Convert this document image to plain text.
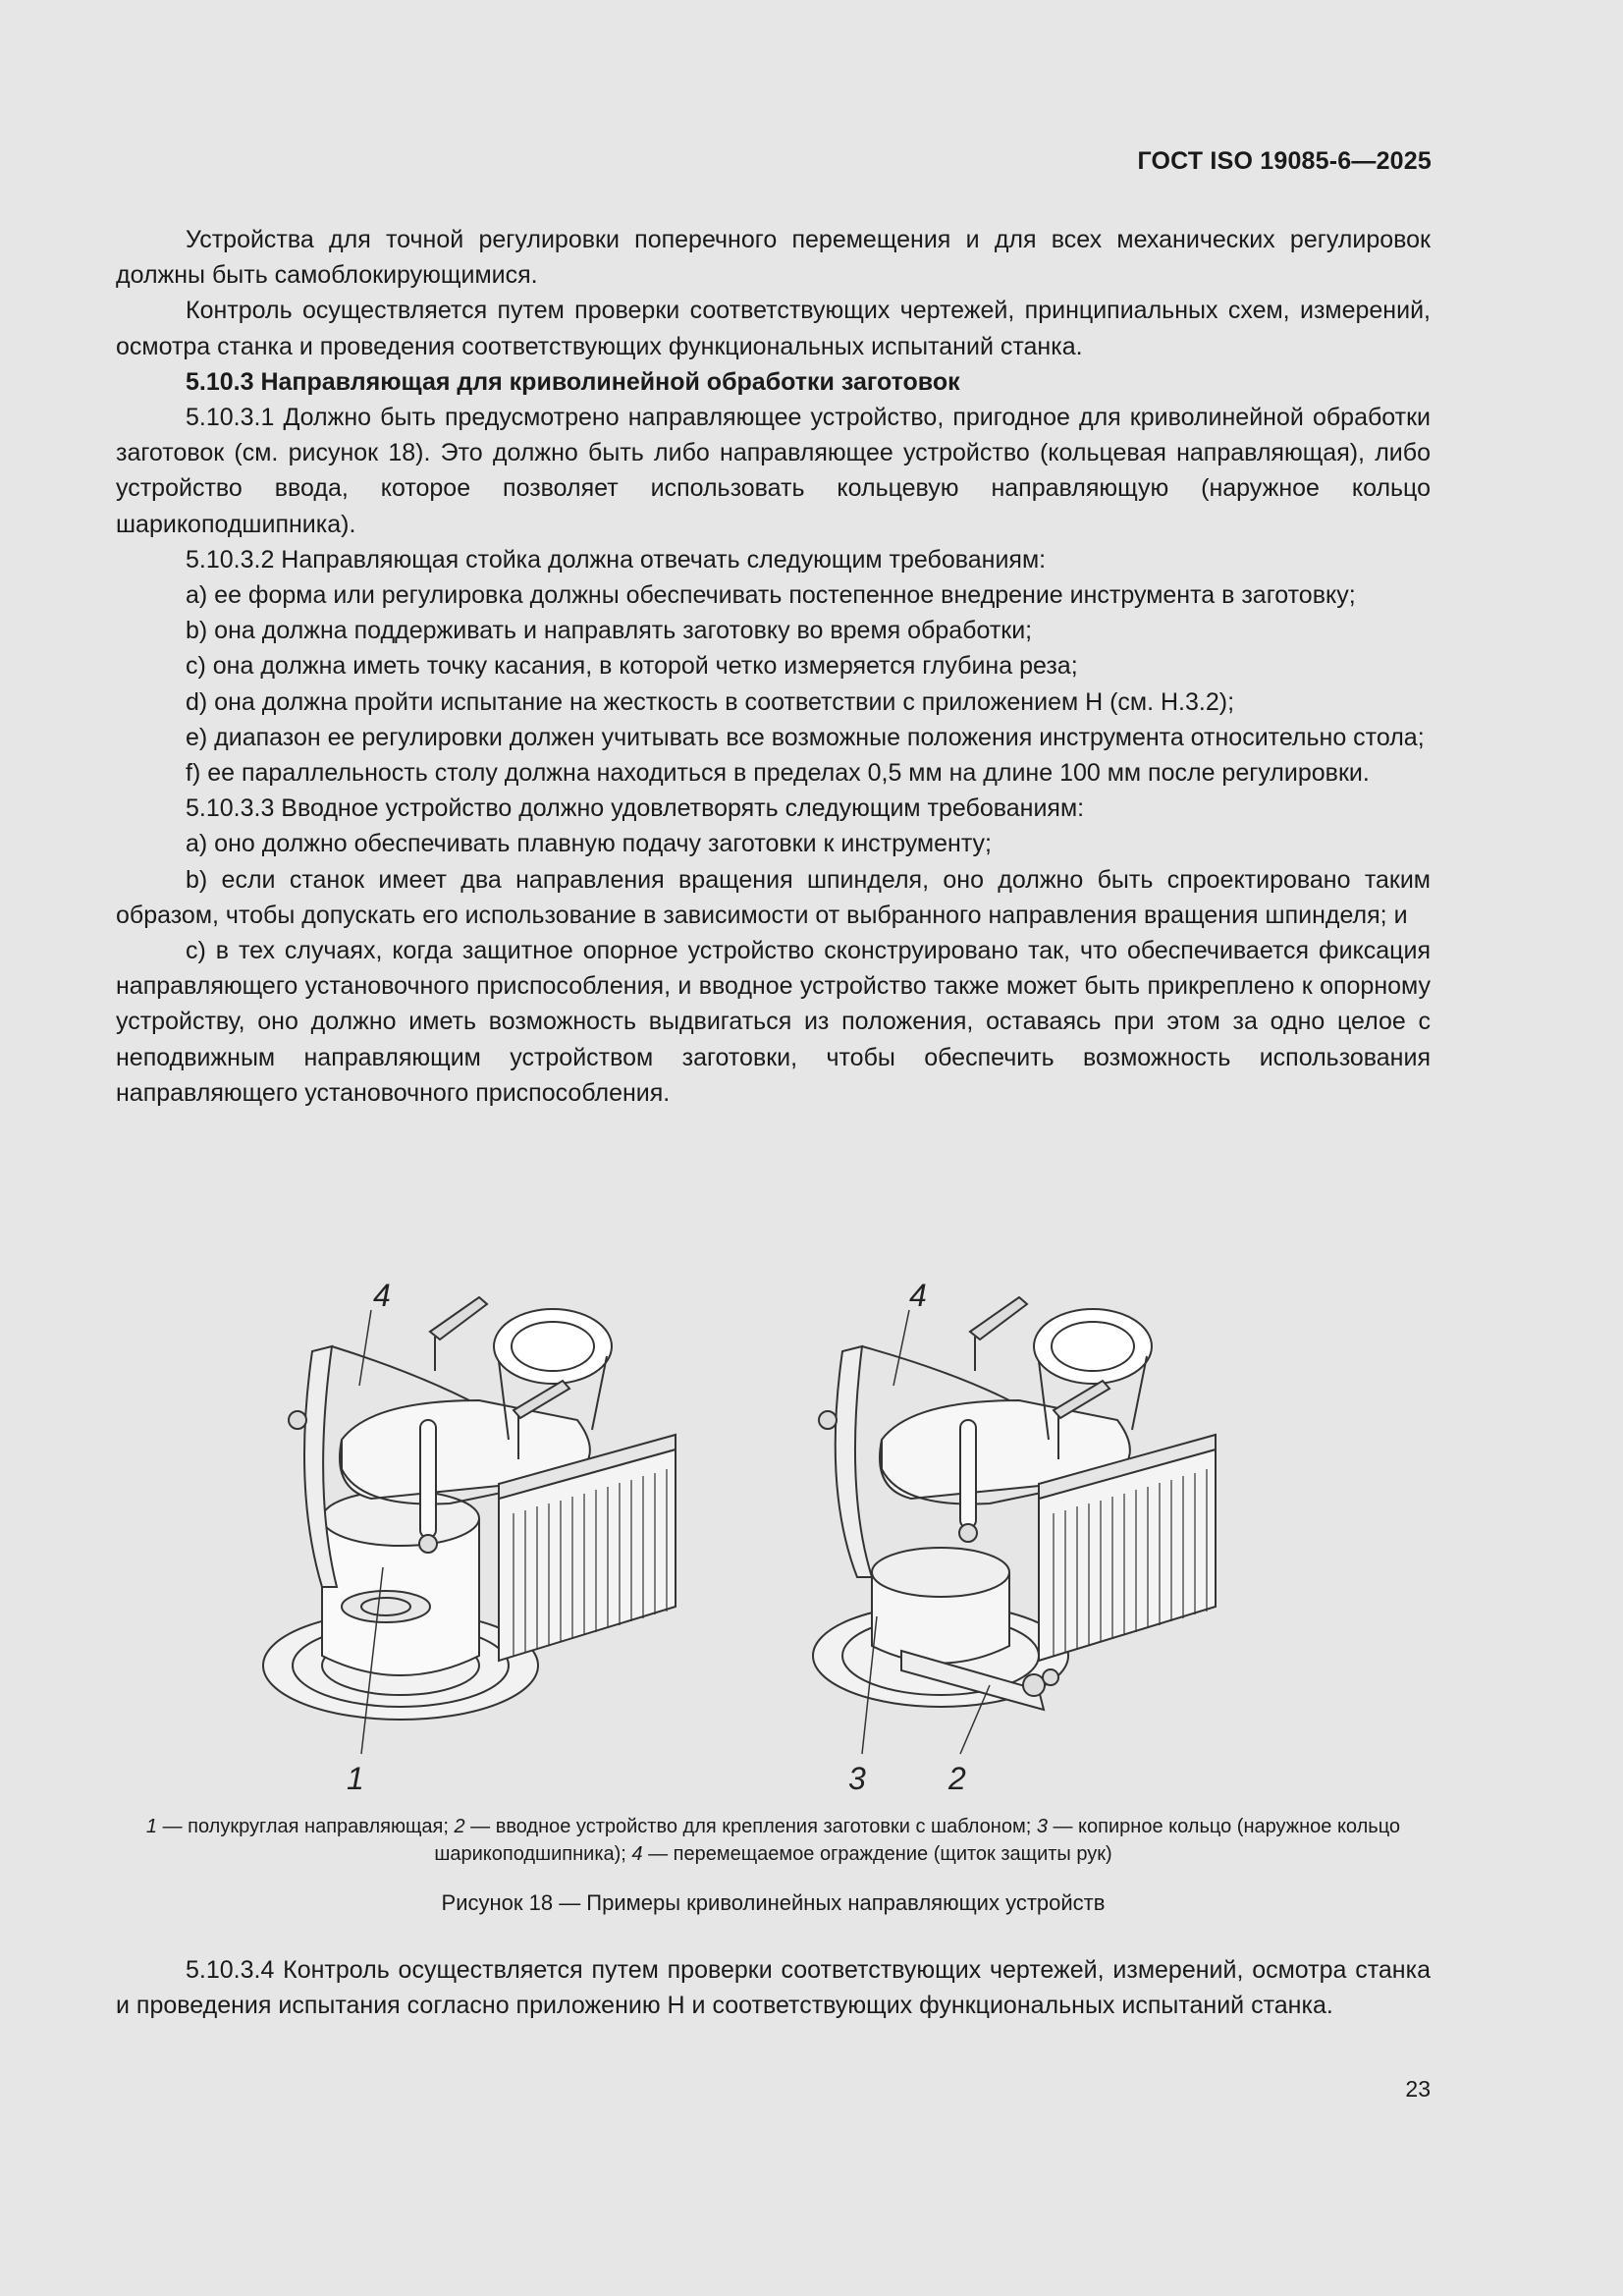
ГОСТ ISO 19085-6—2025

Устройства для точной регулировки поперечного перемещения и для всех механических регулировок должны быть самоблокирующимися.

Контроль осуществляется путем проверки соответствующих чертежей, принципиальных схем, измерений, осмотра станка и проведения соответствующих функциональных испытаний станка.

5.10.3 Направляющая для криволинейной обработки заготовок

5.10.3.1 Должно быть предусмотрено направляющее устройство, пригодное для криволинейной обработки заготовок (см. рисунок 18). Это должно быть либо направляющее устройство (кольцевая направляющая), либо устройство ввода, которое позволяет использовать кольцевую направляющую (наружное кольцо шарикоподшипника).

5.10.3.2 Направляющая стойка должна отвечать следующим требованиям:

a) ее форма или регулировка должны обеспечивать постепенное внедрение инструмента в заготовку;

b) она должна поддерживать и направлять заготовку во время обработки;

c) она должна иметь точку касания, в которой четко измеряется глубина реза;

d) она должна пройти испытание на жесткость в соответствии с приложением H (см. H.3.2);

e) диапазон ее регулировки должен учитывать все возможные положения инструмента относительно стола;

f) ее параллельность столу должна находиться в пределах 0,5 мм на длине 100 мм после регулировки.

5.10.3.3 Вводное устройство должно удовлетворять следующим требованиям:

a) оно должно обеспечивать плавную подачу заготовки к инструменту;

b) если станок имеет два направления вращения шпинделя, оно должно быть спроектировано таким образом, чтобы допускать его использование в зависимости от выбранного направления вращения шпинделя; и

c) в тех случаях, когда защитное опорное устройство сконструировано так, что обеспечивается фиксация направляющего установочного приспособления, и вводное устройство также может быть прикреплено к опорному устройству, оно должно иметь возможность выдвигаться из положения, оставаясь при этом за одно целое с неподвижным направляющим устройством заготовки, чтобы обеспечить возможность использования направляющего установочного приспособления.

4
1
4
3	2
1 — полукруглая направляющая; 2 — вводное устройство для крепления заготовки с шаблоном; 3 — копирное кольцо (наружное кольцо шарикоподшипника); 4 — перемещаемое ограждение (щиток защиты рук)
Рисунок 18 — Примеры криволинейных направляющих устройств

5.10.3.4 Контроль осуществляется путем проверки соответствующих чертежей, измерений, осмотра станка и проведения испытания согласно приложению H и соответствующих функциональных испытаний станка.

23
